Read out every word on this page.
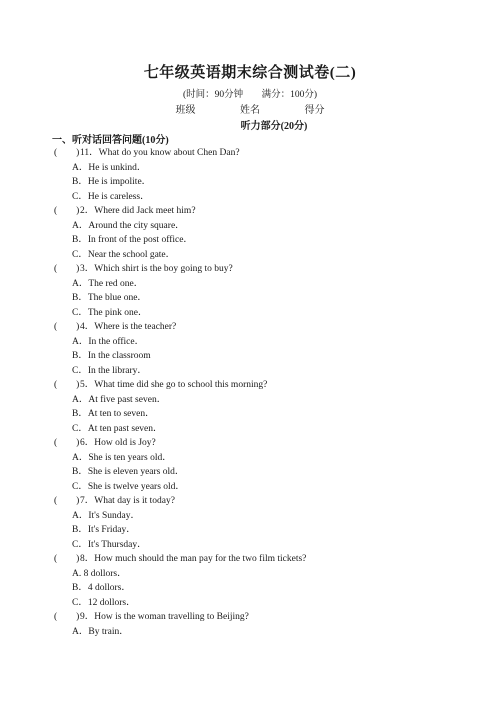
七年级英语期末综合测试卷(二)
(时间：90分钟 满分：100分)
班级	姓名	得分
听力部分(20分)
一、听对话回答问题(10分)
(　　) 11．What do you know about Chen Dan?
A．He is unkind．
B．He is impolite．
C．He is careless．
(　　) 2．Where did Jack meet him?
A．Around the city square．
B．In front of the post office．
C．Near the school gate．
(　　) 3．Which shirt is the boy going to buy?
A．The red one．
B．The blue one．
C．The pink one．
(　　) 4．Where is the teacher?
A．In the office．
B．In the classroom
C．In the library．
(　　) 5．What time did she go to school this morning?
A．At five past seven．
B．At ten to seven．
C．At ten past seven．
(　　) 6．How old is Joy?
A．She is ten years old．
B．She is eleven years old．
C．She is twelve years old．
(　　) 7．What day is it today?
A．It's Sunday．
B．It's Friday．
C．It's Thursday．
(　　) 8．How much should the man pay for the two film tickets?
A. 8 dollors．
B．4 dollors．
C．12 dollors．
(　　) 9．How is the woman travelling to Beijing?
A．By train．
